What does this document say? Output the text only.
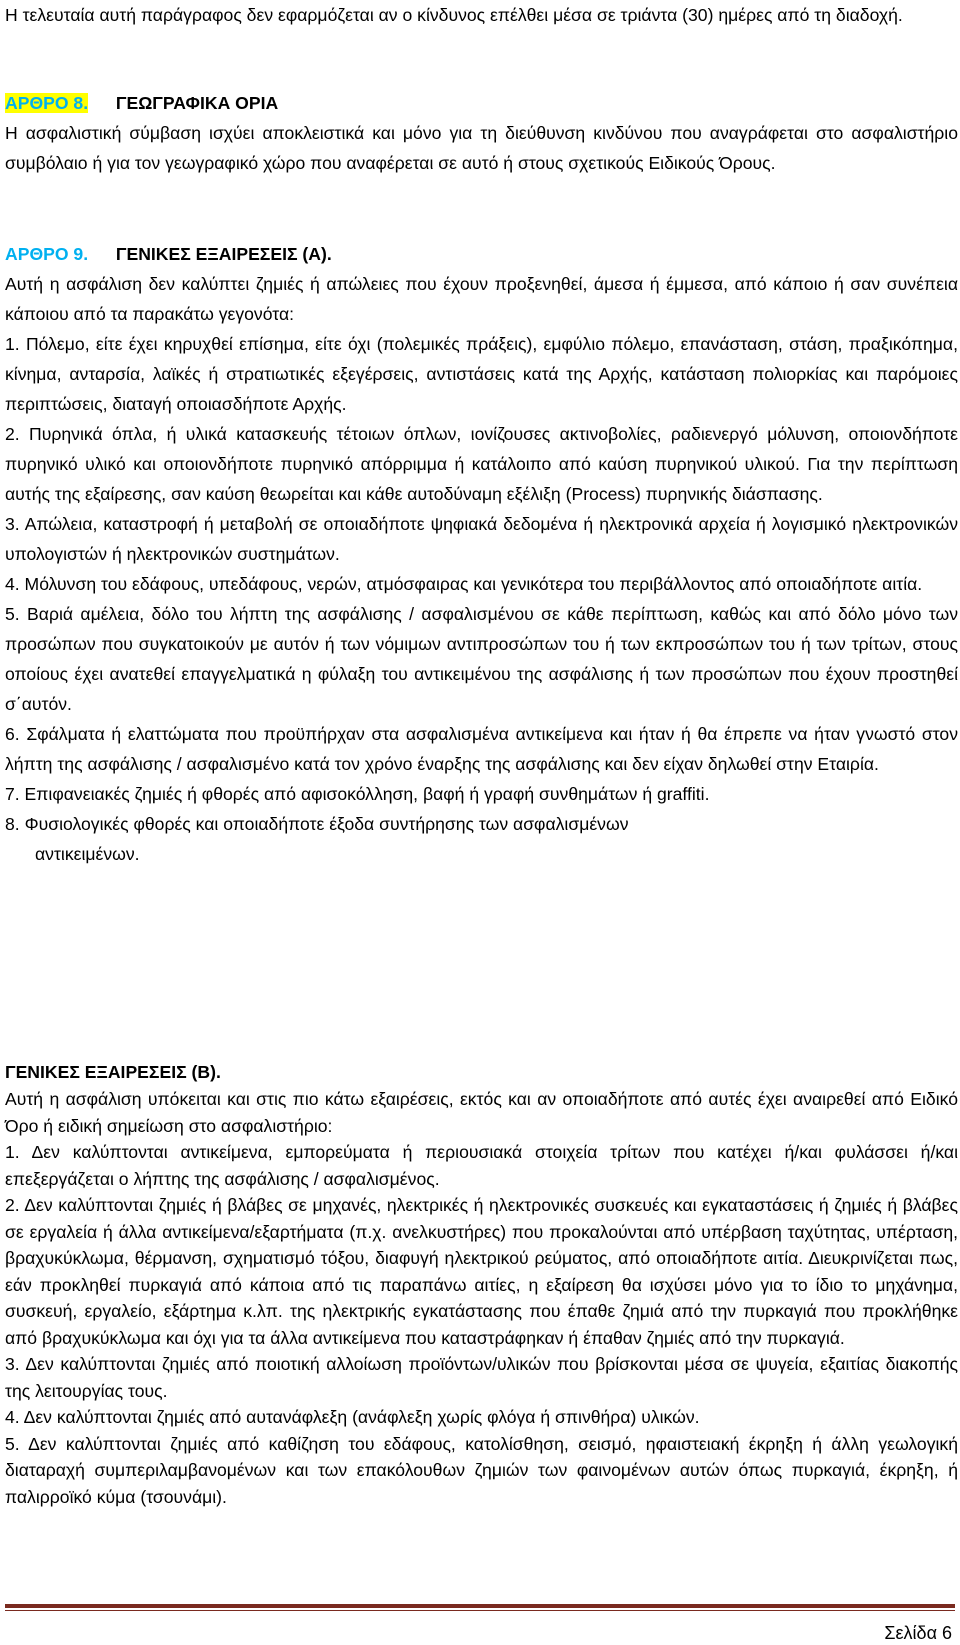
Η τελευταία αυτή παράγραφος δεν εφαρμόζεται αν ο κίνδυνος επέλθει μέσα σε τριάντα (30) ημέρες από τη διαδοχή.

ΑΡΘΡΟ 8. ΓΕΩΓΡΑΦΙΚΑ ΟΡΙΑ

Η ασφαλιστική σύμβαση ισχύει αποκλειστικά και μόνο για τη διεύθυνση κινδύνου που αναγράφεται στο ασφαλιστήριο συμβόλαιο ή για τον γεωγραφικό χώρο που αναφέρεται σε αυτό ή στους σχετικούς Ειδικούς Όρους.

ΑΡΘΡΟ 9. ΓΕΝΙΚΕΣ ΕΞΑΙΡΕΣΕΙΣ (Α).

Αυτή η ασφάλιση δεν καλύπτει ζημιές ή απώλειες που έχουν προξενηθεί, άμεσα ή έμμεσα, από κάποιο ή σαν συνέπεια κάποιου από τα παρακάτω γεγονότα:

1. Πόλεμο, είτε έχει κηρυχθεί επίσημα, είτε όχι (πολεμικές πράξεις), εμφύλιο πόλεμο, επανάσταση, στάση, πραξικόπημα, κίνημα, ανταρσία, λαϊκές ή στρατιωτικές εξεγέρσεις, αντιστάσεις κατά της Αρχής, κατάσταση πολιορκίας και παρόμοιες περιπτώσεις, διαταγή οποιασδήποτε Αρχής.

2. Πυρηνικά όπλα, ή υλικά κατασκευής τέτοιων όπλων, ιονίζουσες ακτινοβολίες, ραδιενεργό μόλυνση, οποιονδήποτε πυρηνικό υλικό και οποιονδήποτε πυρηνικό απόρριμμα ή κατάλοιπο από καύση πυρηνικού υλικού. Για την περίπτωση αυτής της εξαίρεσης, σαν καύση θεωρείται και κάθε αυτοδύναμη εξέλιξη (Process) πυρηνικής διάσπασης.

3. Απώλεια, καταστροφή ή μεταβολή σε οποιαδήποτε ψηφιακά δεδομένα ή ηλεκτρονικά αρχεία ή λογισμικό ηλεκτρονικών υπολογιστών ή ηλεκτρονικών συστημάτων.

4. Μόλυνση του εδάφους, υπεδάφους, νερών, ατμόσφαιρας και γενικότερα του περιβάλλοντος από οποιαδήποτε αιτία.

5. Βαριά αμέλεια, δόλο του λήπτη της ασφάλισης / ασφαλισμένου σε κάθε περίπτωση, καθώς και από δόλο μόνο των προσώπων που συγκατοικούν με αυτόν ή των νόμιμων αντιπροσώπων του ή των εκπροσώπων του ή των τρίτων, στους οποίους έχει ανατεθεί επαγγελματικά η φύλαξη του αντικειμένου της ασφάλισης ή των προσώπων που έχουν προστηθεί σ΄αυτόν.

6. Σφάλματα ή ελαττώματα που προϋπήρχαν στα ασφαλισμένα αντικείμενα και ήταν ή θα έπρεπε να ήταν γνωστό στον λήπτη της ασφάλισης / ασφαλισμένο κατά τον χρόνο έναρξης της ασφάλισης και δεν είχαν δηλωθεί στην Εταιρία.

7. Επιφανειακές ζημιές ή φθορές από αφισοκόλληση, βαφή ή γραφή συνθημάτων ή graffiti.

8. Φυσιολογικές φθορές και οποιαδήποτε έξοδα συντήρησης των ασφαλισμένων

αντικειμένων.

ΓΕΝΙΚΕΣ ΕΞΑΙΡΕΣΕΙΣ (Β).

Αυτή η ασφάλιση υπόκειται και στις πιο κάτω εξαιρέσεις, εκτός και αν οποιαδήποτε από αυτές έχει αναιρεθεί από Ειδικό Όρο ή ειδική σημείωση στο ασφαλιστήριο:

1. Δεν καλύπτονται αντικείμενα, εμπορεύματα ή περιουσιακά στοιχεία τρίτων που κατέχει ή/και φυλάσσει ή/και επεξεργάζεται ο λήπτης της ασφάλισης / ασφαλισμένος.

2. Δεν καλύπτονται ζημιές ή βλάβες σε μηχανές, ηλεκτρικές ή ηλεκτρονικές συσκευές και εγκαταστάσεις ή ζημιές ή βλάβες σε εργαλεία ή άλλα αντικείμενα/εξαρτήματα (π.χ. ανελκυστήρες) που προκαλούνται από υπέρβαση ταχύτητας, υπέρταση, βραχυκύκλωμα, θέρμανση, σχηματισμό τόξου, διαφυγή ηλεκτρικού ρεύματος, από οποιαδήποτε αιτία. Διευκρινίζεται πως, εάν προκληθεί πυρκαγιά από κάποια από τις παραπάνω αιτίες, η εξαίρεση θα ισχύσει μόνο για το ίδιο το μηχάνημα, συσκευή, εργαλείο, εξάρτημα κ.λπ. της ηλεκτρικής εγκατάστασης που έπαθε ζημιά από την πυρκαγιά που προκλήθηκε από βραχυκύκλωμα και όχι για τα άλλα αντικείμενα που καταστράφηκαν ή έπαθαν ζημιές από την πυρκαγιά.

3. Δεν καλύπτονται ζημιές από ποιοτική αλλοίωση προϊόντων/υλικών που βρίσκονται μέσα σε ψυγεία, εξαιτίας διακοπής της λειτουργίας τους.

4. Δεν καλύπτονται ζημιές από αυτανάφλεξη (ανάφλεξη χωρίς φλόγα ή σπινθήρα) υλικών.

5. Δεν καλύπτονται ζημιές από καθίζηση του εδάφους, κατολίσθηση, σεισμό, ηφαιστειακή έκρηξη ή άλλη γεωλογική διαταραχή συμπεριλαμβανομένων και των επακόλουθων ζημιών των φαινομένων αυτών όπως πυρκαγιά, έκρηξη, ή παλιρροϊκό κύμα (τσουνάμι).

Σελίδα 6
